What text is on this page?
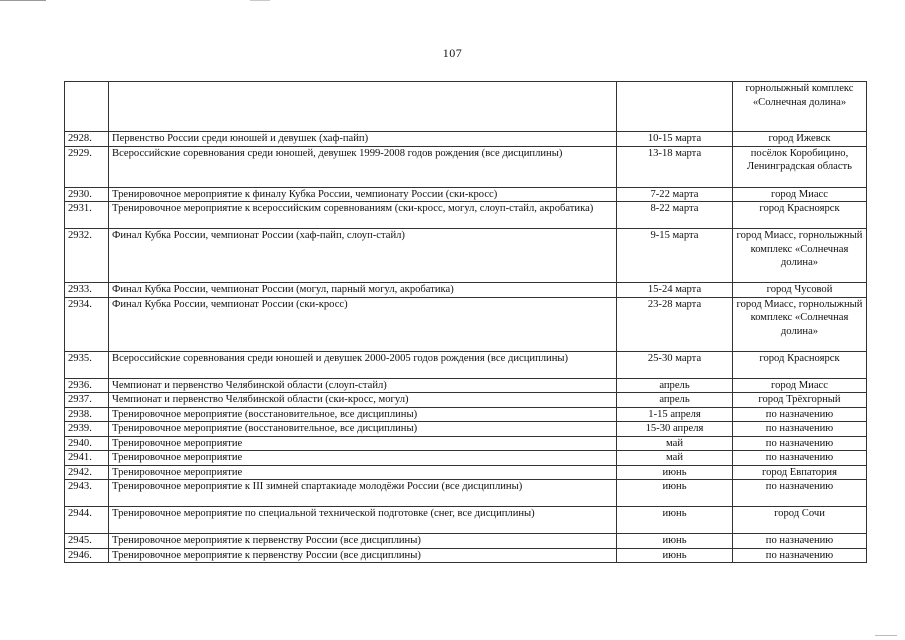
107
			горнолыжный комплекс «Солнечная долина»
2928.	Первенство России среди юношей и девушек (хаф-пайп)	10-15 марта	город Ижевск
2929.	Всероссийские соревнования среди юношей, девушек 1999-2008 годов рождения (все дисциплины)	13-18 марта	посёлок Коробицино, Ленинградская область
2930.	Тренировочное мероприятие к финалу Кубка России, чемпионату России (ски-кросс)	7-22 марта	город Миасс
2931.	Тренировочное мероприятие к всероссийским соревнованиям (ски-кросс, могул, слоуп-стайл, акробатика)	8-22 марта	город Красноярск
2932.	Финал Кубка России, чемпионат России (хаф-пайп, слоуп-стайл)	9-15 марта	город Миасс, горнолыжный комплекс «Солнечная долина»
2933.	Финал Кубка России, чемпионат России (могул, парный могул, акробатика)	15-24 марта	город Чусовой
2934.	Финал Кубка России, чемпионат России (ски-кросс)	23-28 марта	город Миасс, горнолыжный комплекс «Солнечная долина»
2935.	Всероссийские соревнования среди юношей и девушек 2000-2005 годов рождения (все дисциплины)	25-30 марта	город Красноярск
2936.	Чемпионат и первенство Челябинской области (слоуп-стайл)	апрель	город Миасс
2937.	Чемпионат и первенство Челябинской области (ски-кросс, могул)	апрель	город Трёхгорный
2938.	Тренировочное мероприятие (восстановительное, все дисциплины)	1-15 апреля	по назначению
2939.	Тренировочное мероприятие (восстановительное, все дисциплины)	15-30 апреля	по назначению
2940.	Тренировочное мероприятие	май	по назначению
2941.	Тренировочное мероприятие	май	по назначению
2942.	Тренировочное мероприятие	июнь	город Евпатория
2943.	Тренировочное мероприятие к III зимней спартакиаде молодёжи России (все дисциплины)	июнь	по назначению
2944.	Тренировочное мероприятие по специальной технической подготовке (снег, все дисциплины)	июнь	город Сочи
2945.	Тренировочное мероприятие к первенству России (все дисциплины)	июнь	по назначению
2946.	Тренировочное мероприятие к первенству России (все дисциплины)	июнь	по назначению
